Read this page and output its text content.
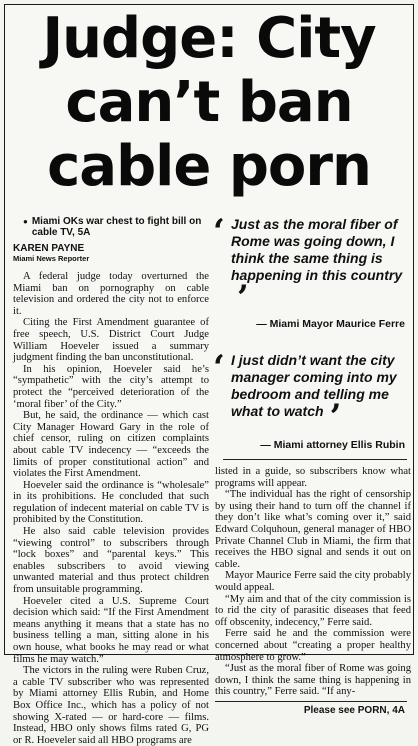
Judge: City
can’t ban
cable porn
● Miami OKs war chest to fight bill on cable TV, 5A
KAREN PAYNE
Miami News Reporter

A federal judge today overturned the Miami ban on pornography on cable television and ordered the city not to enforce it.

Citing the First Amendment guarantee of free speech, U.S. District Court Judge William Hoeveler issued a summary judgment finding the ban unconstitutional.

In his opinion, Hoeveler said he’s “sympathetic” with the city’s attempt to protect the “perceived deterioration of the ‘moral fiber’ of the City.”

But, he said, the ordinance — which cast City Manager Howard Gary in the role of chief censor, ruling on citizen complaints about cable TV indecency — “exceeds the limits of proper constitutional action” and violates the First Amendment.

Hoeveler said the ordinance is “wholesale” in its prohibitions. He concluded that such regulation of indecent material on cable TV is prohibited by the Constitution.

He also said cable television provides “viewing control” to subscribers through “lock boxes” and “parental keys.” This enables subscribers to avoid viewing unwanted material and thus protect children from unsuitable programming.

Hoeveler cited a U.S. Supreme Court decision which said: “If the First Amendment means anything it means that a state has no business telling a man, sitting alone in his own house, what books he may read or what films he may watch.”

The victors in the ruling were Ruben Cruz, a cable TV subscriber who was represented by Miami attorney Ellis Rubin, and Home Box Office Inc., which has a policy of not showing X-rated — or hard-core — films. Instead, HBO only shows films rated G, PG or R. Hoeveler said all HBO programs are

‘ Just as the moral fiber of Rome was going down, I think the same thing is happening in this country’
— Miami Mayor Maurice Ferre
‘ I just didn’t want the city manager coming into my bedroom and telling me what to watch ’
— Miami attorney Ellis Rubin

listed in a guide, so subscribers know what programs will appear.

“The individual has the right of censorship by using their hand to turn off the channel if they don’t like what’s coming over it,” said Edward Colquhoun, general manager of HBO Private Channel Club in Miami, the firm that receives the HBO signal and sends it out on cable.

Mayor Maurice Ferre said the city probably would appeal.

“My aim and that of the city commission is to rid the city of parasitic diseases that feed off obscenity, indecency,” Ferre said.

Ferre said he and the commission were concerned about “creating a proper healthy atmosphere to grow.”

“Just as the moral fiber of Rome was going down, I think the same thing is happening in this country,” Ferre said. “If any-

Please see PORN, 4A
